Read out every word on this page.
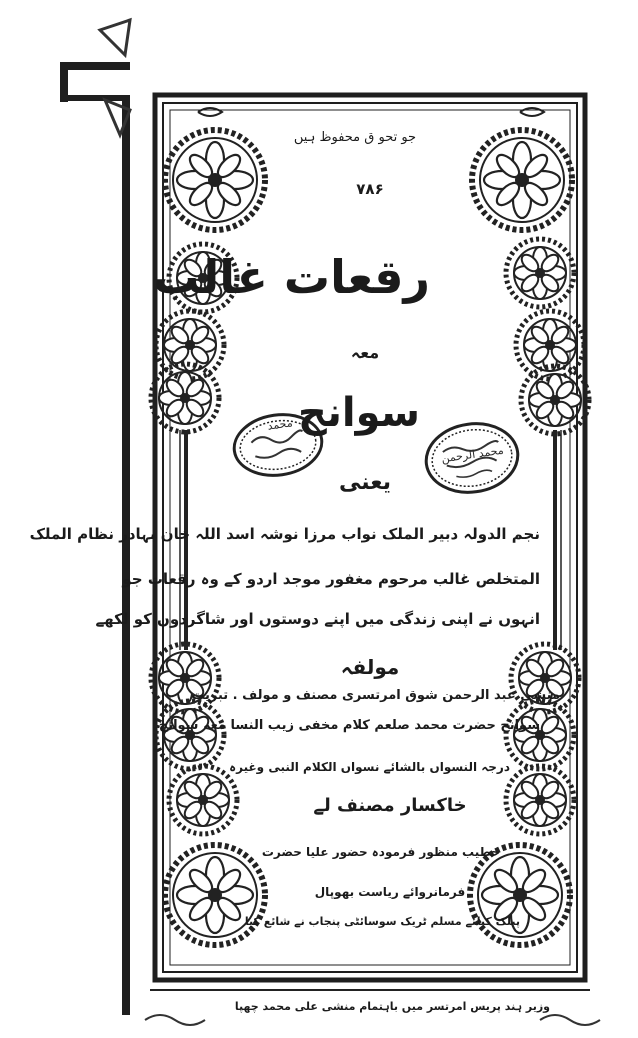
جو تحو ق محفوظ ہیں
۷۸۶
رقعات غالب
معہ
سوانح
یعنی
نجم الدولہ دبیر الملک نواب مرزا نوشہ اسد اللہ خان بہادر نظام الملک
المتخلص غالب مرحوم مغفور موجد اردو کے وہ رقعات جو
انہوں نے اپنی زندگی میں اپنے دوستوں اور شاگردوں کو لکھے
مولفہ
منشی عبد الرحمن شوق امرتسری مصنف و مولف . تبریت
سوانح حضرت محمد صلعم کلام مخفی زیب النسا معہ سوانح
درجہ النسواں بالشائے نسواں الکلام النبی وغیرہ
خاکسار مصنف لے
خطیب منظور فرمودہ حضور علیا حضرت
فرمانروائے ریاست بھوپال
پبلک کیلئے مسلم ٹریک سوسائٹی پنجاب نے شائع کیا
وزیر ہند پریس امرتسر میں باہتمام منشی علی محمد چھپا
محمد
محمد الرحمن
